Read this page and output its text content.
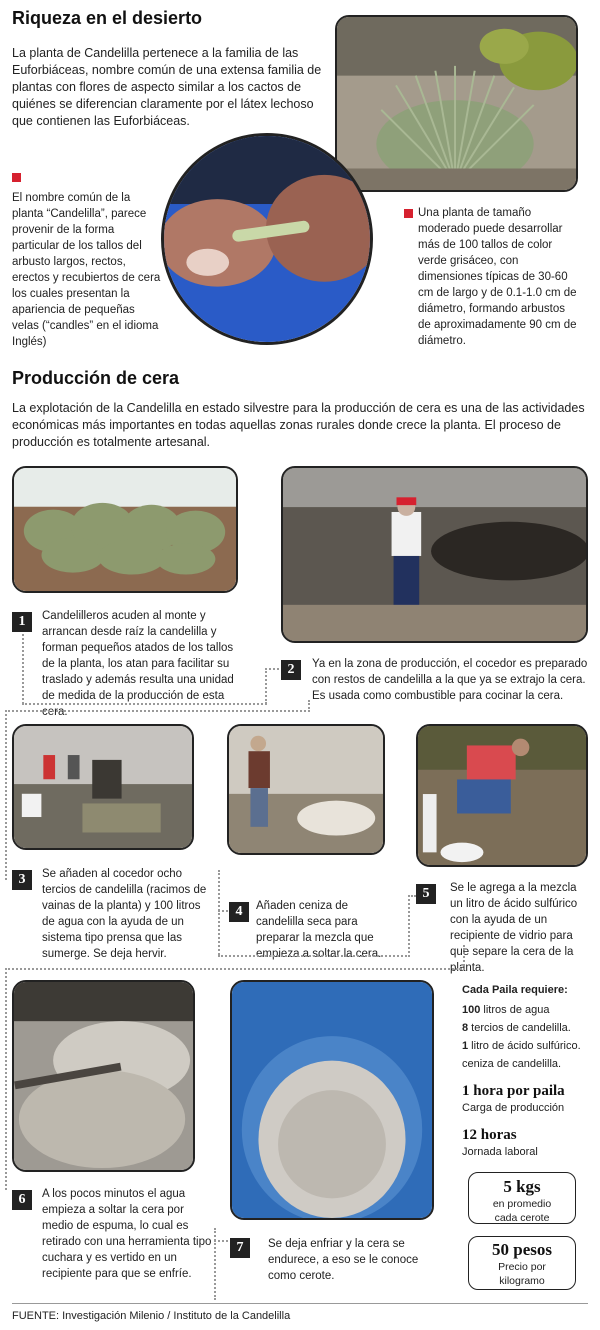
Riqueza en el desierto
La planta de Candelilla pertenece a la familia de las Euforbiáceas, nombre común de una extensa familia de plantas con flores de aspecto similar a los cactos de quiénes se diferencian claramente por el látex lechoso que contienen las Euforbiáceas.
El nombre común de la planta “Candelilla”, parece provenir de la forma particular de los tallos del arbusto largos, rectos, erectos y recubiertos de cera los cuales presentan la apariencia de pequeñas velas (“candles” en el idioma Inglés)
Una planta de tamaño moderado puede desarrollar más de 100 tallos de color verde grisáceo, con dimensiones típicas de 30-60 cm de largo y de 0.1-1.0 cm de diámetro, formando arbustos de aproximadamente 90 cm de diámetro.
Producción de cera
La explotación de la Candelilla en estado silvestre para la producción de cera es una de las actividades económicas más importantes en todas aquellas zonas rurales donde crece la planta. El proceso de producción es totalmente artesanal.
1	Candelilleros acuden al monte y arrancan desde raíz la candelilla y forman pequeños atados de los tallos de la planta, los atan para facilitar su traslado y además resulta una unidad de medida de la producción de esta cera.
2	Ya en la zona de producción, el cocedor es preparado con restos de candelilla a la que ya se extrajo la cera. Es usada como combustible para cocinar la cera.
3	Se añaden al cocedor ocho tercios de candelilla (racimos de vainas de la planta) y 100 litros de agua con la ayuda de un sistema tipo prensa que las sumerge. Se deja hervir.
4	Añaden ceniza de candelilla seca para preparar la mezcla que empieza a soltar la cera.
5	Se le agrega a la mezcla un litro de ácido sulfúrico con la ayuda de un recipiente de vidrio para que separe la cera de la planta.
6	A los pocos minutos el agua empieza a soltar la cera por medio de espuma, lo cual es retirado con una herramienta tipo cuchara y es vertido en un recipiente para que se enfríe.
7	Se deja enfriar y la cera se endurece, a eso se le conoce como cerote.
Cada Paila requiere:
100 litros de agua
8 tercios de candelilla.
1 litro de ácido sulfúrico.
ceniza de candelilla.
1 hora por paila
Carga de producción
12 horas
Jornada laboral
5 kgs
en promedio cada cerote
50 pesos
Precio por kilogramo
FUENTE: Investigación Milenio / Instituto de la Candelilla
